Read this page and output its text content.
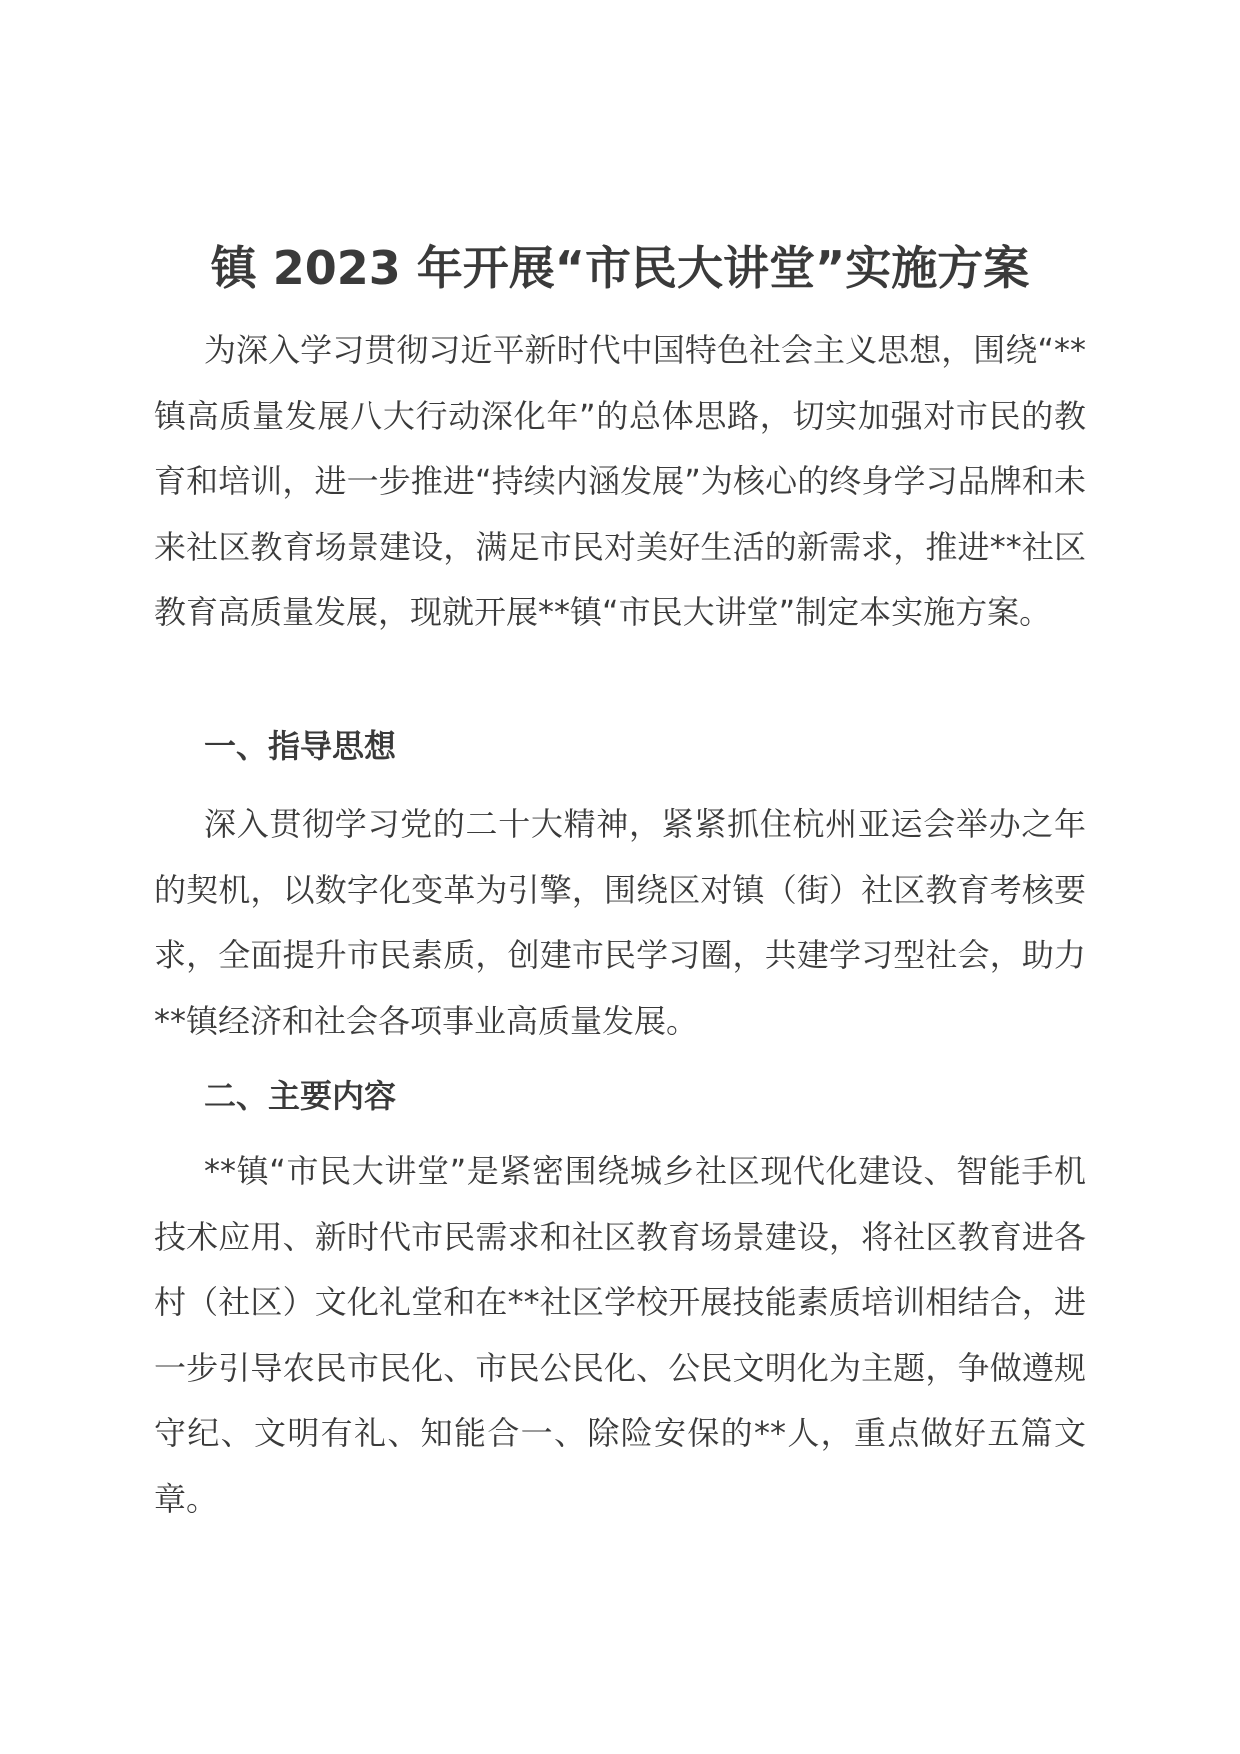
镇 2023 年开展“市民大讲堂”实施方案

为深入学习贯彻习近平新时代中国特色社会主义思想，围绕“**镇高质量发展八大行动深化年”的总体思路，切实加强对市民的教育和培训，进一步推进“持续内涵发展”为核心的终身学习品牌和未来社区教育场景建设，满足市民对美好生活的新需求，推进**社区教育高质量发展，现就开展**镇“市民大讲堂”制定本实施方案。

一、指导思想

深入贯彻学习党的二十大精神，紧紧抓住杭州亚运会举办之年的契机，以数字化变革为引擎，围绕区对镇（街）社区教育考核要求，全面提升市民素质，创建市民学习圈，共建学习型社会，助力**镇经济和社会各项事业高质量发展。

二、主要内容

**镇“市民大讲堂”是紧密围绕城乡社区现代化建设、智能手机技术应用、新时代市民需求和社区教育场景建设，将社区教育进各村（社区）文化礼堂和在**社区学校开展技能素质培训相结合，进一步引导农民市民化、市民公民化、公民文明化为主题，争做遵规守纪、文明有礼、知能合一、除险安保的**人，重点做好五篇文章。
